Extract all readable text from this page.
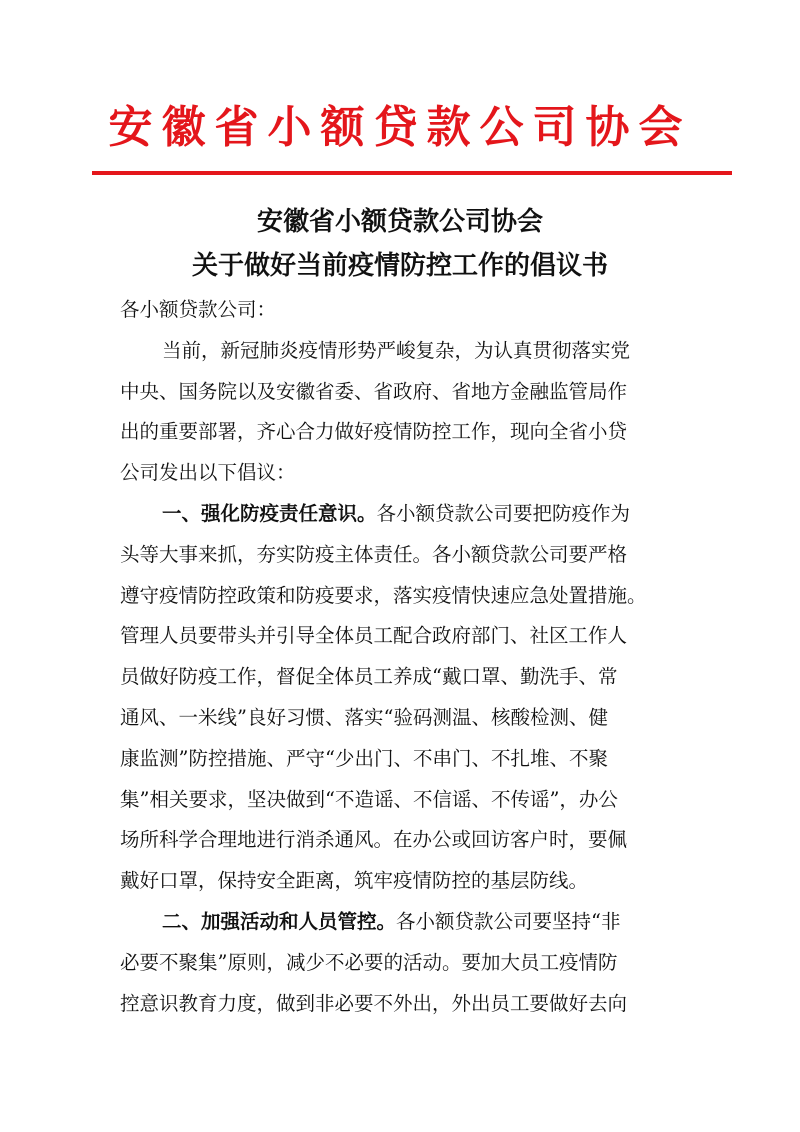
安徽省小额贷款公司协会
安徽省小额贷款公司协会
关于做好当前疫情防控工作的倡议书
各小额贷款公司：
当前，新冠肺炎疫情形势严峻复杂，为认真贯彻落实党
中央、国务院以及安徽省委、省政府、省地方金融监管局作
出的重要部署，齐心合力做好疫情防控工作，现向全省小贷
公司发出以下倡议：
一、强化防疫责任意识。各小额贷款公司要把防疫作为
头等大事来抓，夯实防疫主体责任。各小额贷款公司要严格
遵守疫情防控政策和防疫要求，落实疫情快速应急处置措施。
管理人员要带头并引导全体员工配合政府部门、社区工作人
员做好防疫工作，督促全体员工养成“戴口罩、勤洗手、常
通风、一米线”良好习惯、落实“验码测温、核酸检测、健
康监测”防控措施、严守“少出门、不串门、不扎堆、不聚
集”相关要求，坚决做到“不造谣、不信谣、不传谣”，办公
场所科学合理地进行消杀通风。在办公或回访客户时，要佩
戴好口罩，保持安全距离，筑牢疫情防控的基层防线。
二、加强活动和人员管控。各小额贷款公司要坚持“非
必要不聚集”原则，减少不必要的活动。要加大员工疫情防
控意识教育力度，做到非必要不外出，外出员工要做好去向
